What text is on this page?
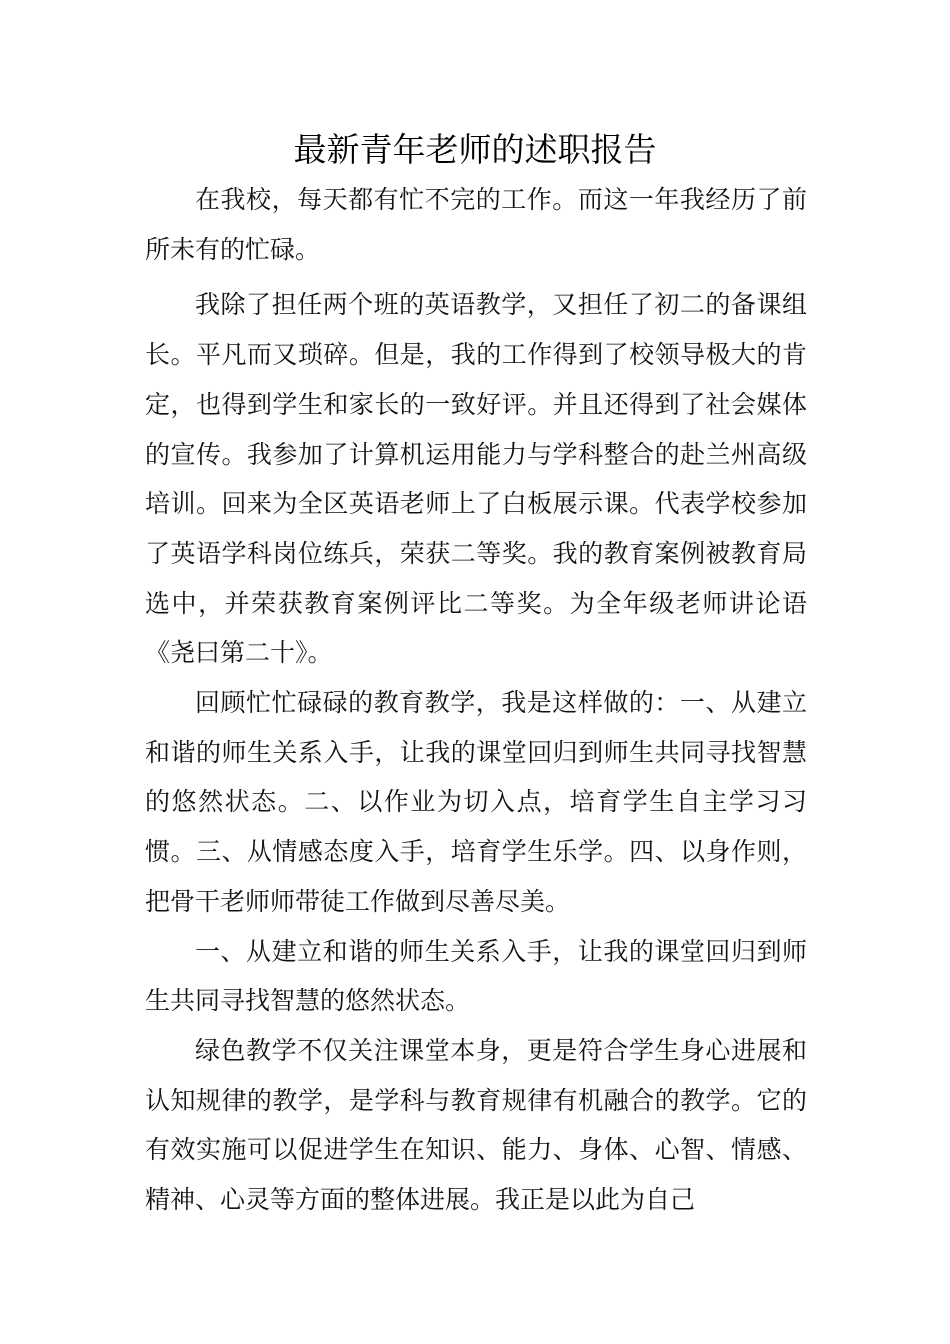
最新青年老师的述职报告

在我校，每天都有忙不完的工作。而这一年我经历了前所未有的忙碌。

我除了担任两个班的英语教学，又担任了初二的备课组长。平凡而又琐碎。但是，我的工作得到了校领导极大的肯定，也得到学生和家长的一致好评。并且还得到了社会媒体的宣传。我参加了计算机运用能力与学科整合的赴兰州高级培训。回来为全区英语老师上了白板展示课。代表学校参加了英语学科岗位练兵，荣获二等奖。我的教育案例被教育局选中，并荣获教育案例评比二等奖。为全年级老师讲论语《尧曰第二十》。

回顾忙忙碌碌的教育教学，我是这样做的：一、从建立和谐的师生关系入手，让我的课堂回归到师生共同寻找智慧的悠然状态。二、以作业为切入点，培育学生自主学习习惯。三、从情感态度入手，培育学生乐学。四、以身作则，把骨干老师师带徒工作做到尽善尽美。

一、从建立和谐的师生关系入手，让我的课堂回归到师生共同寻找智慧的悠然状态。

绿色教学不仅关注课堂本身，更是符合学生身心进展和认知规律的教学，是学科与教育规律有机融合的教学。它的有效实施可以促进学生在知识、能力、身体、心智、情感、精神、心灵等方面的整体进展。我正是以此为自己
